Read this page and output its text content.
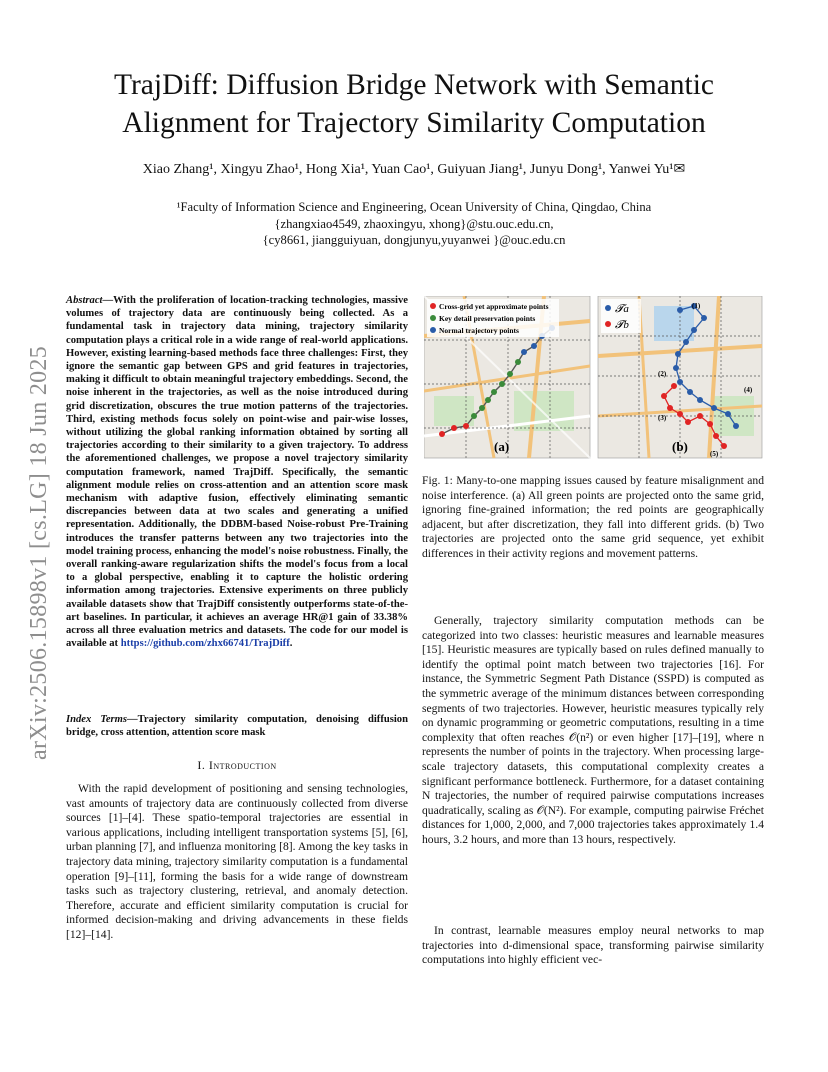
TrajDiff: Diffusion Bridge Network with Semantic Alignment for Trajectory Similarity Computation
Xiao Zhang¹, Xingyu Zhao¹, Hong Xia¹, Yuan Cao¹, Guiyuan Jiang¹, Junyu Dong¹, Yanwei Yu¹✉
¹Faculty of Information Science and Engineering, Ocean University of China, Qingdao, China
{zhangxiao4549, zhaoxingyu, xhong}@stu.ouc.edu.cn,
{cy8661, jiangguiyuan, dongjunyu,yuyanwei }@ouc.edu.cn
arXiv:2506.15898v1 [cs.LG] 18 Jun 2025
Abstract—With the proliferation of location-tracking technologies, massive volumes of trajectory data are continuously being collected. As a fundamental task in trajectory data mining, trajectory similarity computation plays a critical role in a wide range of real-world applications. However, existing learning-based methods face three challenges: First, they ignore the semantic gap between GPS and grid features in trajectories, making it difficult to obtain meaningful trajectory embeddings. Second, the noise inherent in the trajectories, as well as the noise introduced during grid discretization, obscures the true motion patterns of the trajectories. Third, existing methods focus solely on point-wise and pair-wise losses, without utilizing the global ranking information obtained by sorting all trajectories according to their similarity to a given trajectory. To address the aforementioned challenges, we propose a novel trajectory similarity computation framework, named TrajDiff. Specifically, the semantic alignment module relies on cross-attention and an attention score mask mechanism with adaptive fusion, effectively eliminating semantic discrepancies between data at two scales and generating a unified representation. Additionally, the DDBM-based Noise-robust Pre-Training introduces the transfer patterns between any two trajectories into the model training process, enhancing the model's noise robustness. Finally, the overall ranking-aware regularization shifts the model's focus from a local to a global perspective, enabling it to capture the holistic ordering information among trajectories. Extensive experiments on three publicly available datasets show that TrajDiff consistently outperforms state-of-the-art baselines. In particular, it achieves an average HR@1 gain of 33.38% across all three evaluation metrics and datasets. The code for our model is available at https://github.com/zhx66741/TrajDiff.
Index Terms—Trajectory similarity computation, denoising diffusion bridge, cross attention, attention score mask
I. Introduction
With the rapid development of positioning and sensing technologies, vast amounts of trajectory data are continuously collected from diverse sources [1]–[4]. These spatio-temporal trajectories are essential in various applications, including intelligent transportation systems [5], [6], urban planning [7], and influenza monitoring [8]. Among the key tasks in trajectory data mining, trajectory similarity computation is a fundamental operation [9]–[11], forming the basis for a wide range of downstream tasks such as trajectory clustering, retrieval, and anomaly detection. Therefore, accurate and efficient similarity computation is crucial for informed decision-making and driving advancements in these fields [12]–[14].
Cross-grid yet approximate points
Key detail preservation points
Normal trajectory points
(a)
𝓣a
𝓣b
(1)
(2)
(3)
(4)
(5)
(b)
Fig. 1: Many-to-one mapping issues caused by feature misalignment and noise interference. (a) All green points are projected onto the same grid, ignoring fine-grained information; the red points are geographically adjacent, but after discretization, they fall into different grids. (b) Two trajectories are projected onto the same grid sequence, yet exhibit differences in their activity regions and movement patterns.
Generally, trajectory similarity computation methods can be categorized into two classes: heuristic measures and learnable measures [15]. Heuristic measures are typically based on rules defined manually to identify the optimal point match between two trajectories [16]. For instance, the Symmetric Segment Path Distance (SSPD) is computed as the symmetric average of the minimum distances between corresponding segments of two trajectories. However, heuristic measures typically rely on dynamic programming or geometric computations, resulting in a time complexity that often reaches 𝒪(n²) or even higher [17]–[19], where n represents the number of points in the trajectory. When processing large-scale trajectory datasets, this computational complexity creates a significant performance bottleneck. Furthermore, for a dataset containing N trajectories, the number of required pairwise computations increases quadratically, scaling as 𝒪(N²). For example, computing pairwise Fréchet distances for 1,000, 2,000, and 7,000 trajectories takes approximately 1.4 hours, 3.2 hours, and more than 13 hours, respectively.
In contrast, learnable measures employ neural networks to map trajectories into d-dimensional space, transforming pairwise similarity computations into highly efficient vec-
